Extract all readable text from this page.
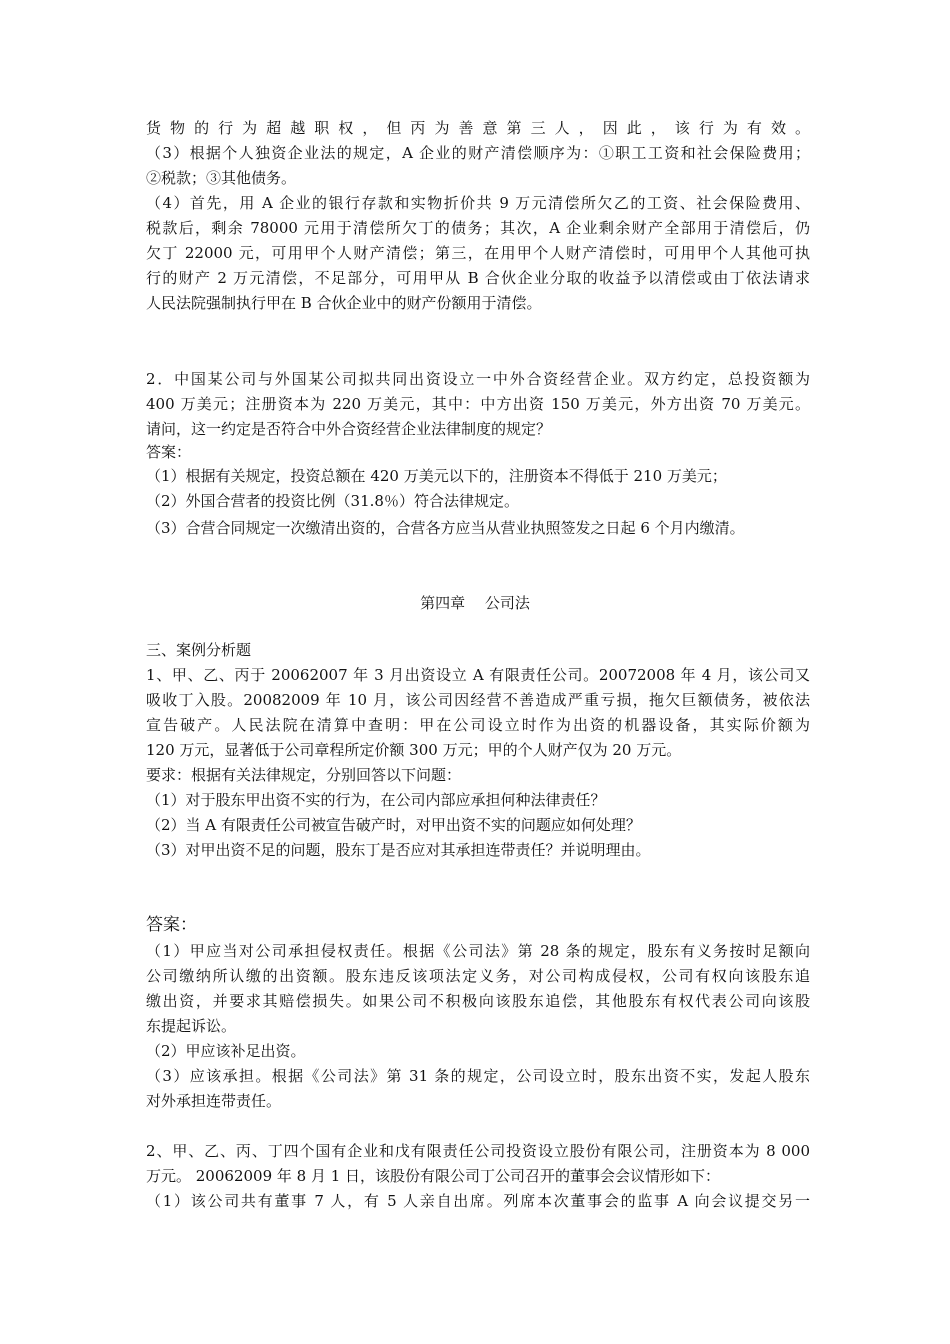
货物的行为超越职权，但丙为善意第三人，因此，该行为有效。
（3）根据个人独资企业法的规定，A 企业的财产清偿顺序为：①职工工资和社会保险费用；
②税款；③其他债务。
（4）首先，用 A 企业的银行存款和实物折价共 9 万元清偿所欠乙的工资、社会保险费用、
税款后，剩余 78000 元用于清偿所欠丁的债务；其次，A 企业剩余财产全部用于清偿后，仍
欠丁 22000 元，可用甲个人财产清偿；第三，在用甲个人财产清偿时，可用甲个人其他可执
行的财产 2 万元清偿，不足部分，可用甲从 B 合伙企业分取的收益予以清偿或由丁依法请求
人民法院强制执行甲在 B 合伙企业中的财产份额用于清偿。
2．中国某公司与外国某公司拟共同出资设立一中外合资经营企业。双方约定，总投资额为
400 万美元；注册资本为 220 万美元，其中：中方出资 150 万美元，外方出资 70 万美元。
请问，这一约定是否符合中外合资经营企业法律制度的规定？
答案：
（1）根据有关规定，投资总额在 420 万美元以下的，注册资本不得低于 210 万美元；
（2）外国合营者的投资比例（31.8％）符合法律规定。
（3）合营合同规定一次缴清出资的，合营各方应当从营业执照签发之日起 6 个月内缴清。
第四章　 公司法
三、案例分析题
1、甲、乙、丙于 20062007 年 3 月出资设立 A 有限责任公司。20072008 年 4 月，该公司又
吸收丁入股。20082009 年 10 月，该公司因经营不善造成严重亏损，拖欠巨额债务，被依法
宣告破产。人民法院在清算中查明：甲在公司设立时作为出资的机器设备，其实际价额为
120 万元，显著低于公司章程所定价额 300 万元；甲的个人财产仅为 20 万元。
要求：根据有关法律规定，分别回答以下问题：
（1）对于股东甲出资不实的行为，在公司内部应承担何种法律责任？
（2）当 A 有限责任公司被宣告破产时，对甲出资不实的问题应如何处理？
（3）对甲出资不足的问题，股东丁是否应对其承担连带责任？并说明理由。
答案：
（1）甲应当对公司承担侵权责任。根据《公司法》第 28 条的规定，股东有义务按时足额向
公司缴纳所认缴的出资额。股东违反该项法定义务，对公司构成侵权，公司有权向该股东追
缴出资，并要求其赔偿损失。如果公司不积极向该股东追偿，其他股东有权代表公司向该股
东提起诉讼。
（2）甲应该补足出资。
（3）应该承担。根据《公司法》第 31 条的规定，公司设立时，股东出资不实，发起人股东
对外承担连带责任。
2、甲、乙、丙、丁四个国有企业和戊有限责任公司投资设立股份有限公司，注册资本为 8 000
万元。 20062009 年 8 月 1 日，该股份有限公司丁公司召开的董事会会议情形如下：
（1）该公司共有董事 7 人，有 5 人亲自出席。列席本次董事会的监事 A 向会议提交另一
